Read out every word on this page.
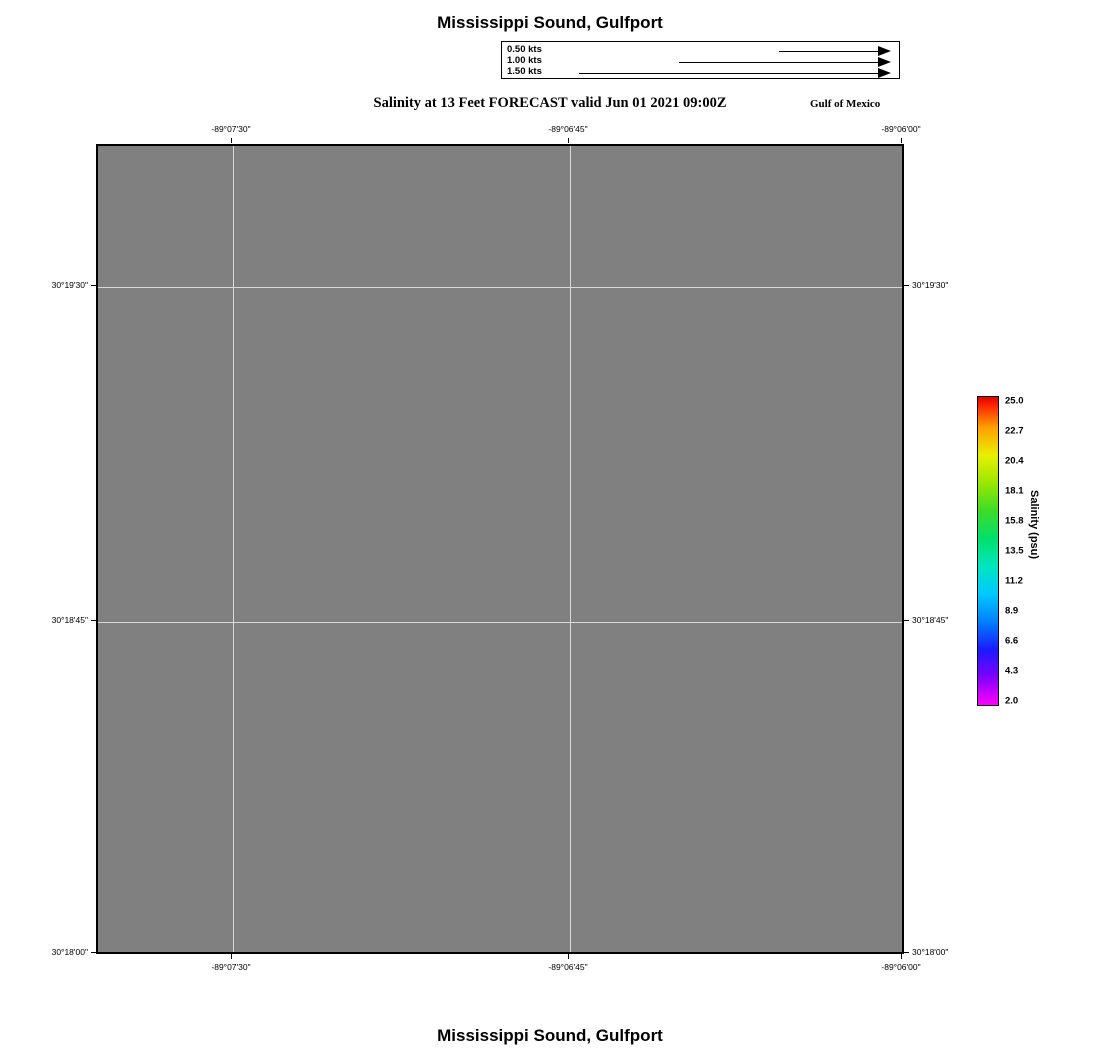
Mississippi Sound, Gulfport
0.50 kts
1.00 kts
1.50 kts
Salinity at 13 Feet FORECAST valid Jun 01 2021 09:00Z	Gulf of Mexico
-89°07'30"	-89°06'45"	-89°06'00"
-89°07'30"	-89°06'45"	-89°06'00"
30°19'30"
30°18'45"
30°18'00"
30°19'30"
30°18'45"
30°18'00"
25.0
22.7
20.4
18.1
15.8
13.5
11.2
8.9
6.6
4.3
2.0
Salinity (psu)
Mississippi Sound, Gulfport
